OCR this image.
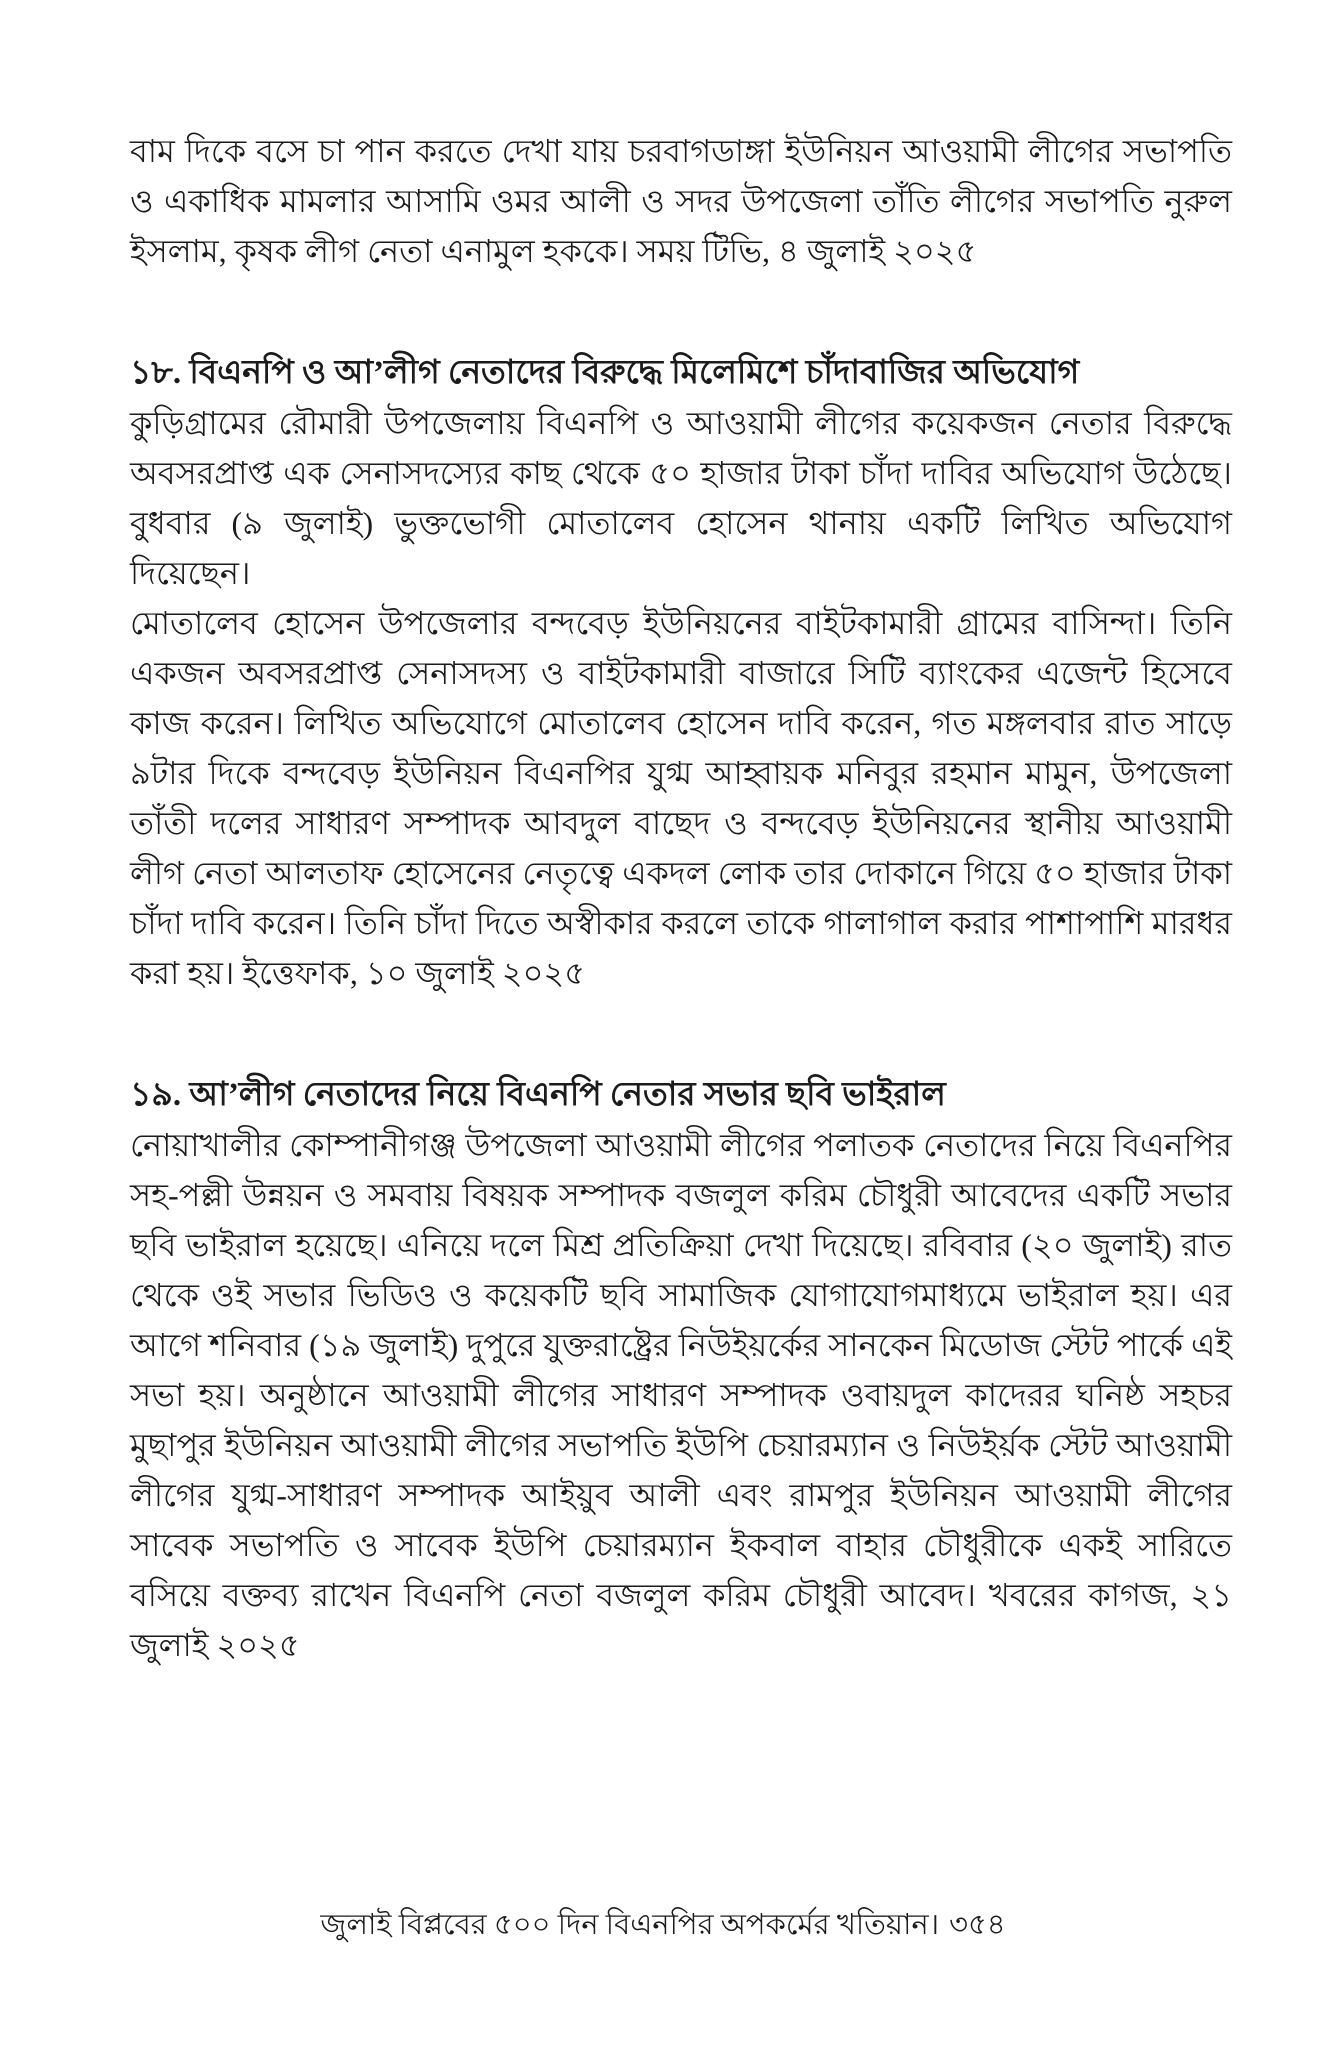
বাম দিকে বসে চা পান করতে দেখা যায় চরবাগডাঙ্গা ইউনিয়ন আওয়ামী লীগের সভাপতি ও একাধিক মামলার আসামি ওমর আলী ও সদর উপজেলা তাঁতি লীগের সভাপতি নুরুল ইসলাম, কৃষক লীগ নেতা এনামুল হককে। সময় টিভি, ৪ জুলাই ২০২৫

১৮. বিএনপি ও আ’লীগ নেতাদের বিরুদ্ধে মিলেমিশে চাঁদাবাজির অভিযোগ

কুড়িগ্রামের রৌমারী উপজেলায় বিএনপি ও আওয়ামী লীগের কয়েকজন নেতার বিরুদ্ধে অবসরপ্রাপ্ত এক সেনাসদস্যের কাছ থেকে ৫০ হাজার টাকা চাঁদা দাবির অভিযোগ উঠেছে। বুধবার (৯ জুলাই) ভুক্তভোগী মোতালেব হোসেন থানায় একটি লিখিত অভিযোগ দিয়েছেন।

মোতালেব হোসেন উপজেলার বন্দবেড় ইউনিয়নের বাইটকামারী গ্রামের বাসিন্দা। তিনি একজন অবসরপ্রাপ্ত সেনাসদস্য ও বাইটকামারী বাজারে সিটি ব্যাংকের এজেন্ট হিসেবে কাজ করেন। লিখিত অভিযোগে মোতালেব হোসেন দাবি করেন, গত মঙ্গলবার রাত সাড়ে ৯টার দিকে বন্দবেড় ইউনিয়ন বিএনপির যুগ্ম আহ্বায়ক মনিবুর রহমান মামুন, উপজেলা তাঁতী দলের সাধারণ সম্পাদক আবদুল বাছেদ ও বন্দবেড় ইউনিয়নের স্থানীয় আওয়ামী লীগ নেতা আলতাফ হোসেনের নেতৃত্বে একদল লোক তার দোকানে গিয়ে ৫০ হাজার টাকা চাঁদা দাবি করেন। তিনি চাঁদা দিতে অস্বীকার করলে তাকে গালাগাল করার পাশাপাশি মারধর করা হয়। ইত্তেফাক, ১০ জুলাই ২০২৫

১৯. আ’লীগ নেতাদের নিয়ে বিএনপি নেতার সভার ছবি ভাইরাল

নোয়াখালীর কোম্পানীগঞ্জ উপজেলা আওয়ামী লীগের পলাতক নেতাদের নিয়ে বিএনপির সহ-পল্লী উন্নয়ন ও সমবায় বিষয়ক সম্পাদক বজলুল করিম চৌধুরী আবেদের একটি সভার ছবি ভাইরাল হয়েছে। এনিয়ে দলে মিশ্র প্রতিক্রিয়া দেখা দিয়েছে। রবিবার (২০ জুলাই) রাত থেকে ওই সভার ভিডিও ও কয়েকটি ছবি সামাজিক যোগাযোগমাধ্যমে ভাইরাল হয়। এর আগে শনিবার (১৯ জুলাই) দুপুরে যুক্তরাষ্ট্রের নিউইয়র্কের সানকেন মিডোজ স্টেট পার্কে এই সভা হয়। অনুষ্ঠানে আওয়ামী লীগের সাধারণ সম্পাদক ওবায়দুল কাদেরর ঘনিষ্ঠ সহচর মুছাপুর ইউনিয়ন আওয়ামী লীগের সভাপতি ইউপি চেয়ারম্যান ও নিউইর্য়ক স্টেট আওয়ামী লীগের যুগ্ম-সাধারণ সম্পাদক আইয়ুব আলী এবং রামপুর ইউনিয়ন আওয়ামী লীগের সাবেক সভাপতি ও সাবেক ইউপি চেয়ারম্যান ইকবাল বাহার চৌধুরীকে একই সারিতে বসিয়ে বক্তব্য রাখেন বিএনপি নেতা বজলুল করিম চৌধুরী আবেদ। খবরের কাগজ, ২১ জুলাই ২০২৫

জুলাই বিপ্লবের ৫০০ দিন বিএনপির অপকর্মের খতিয়ান। ৩৫৪
